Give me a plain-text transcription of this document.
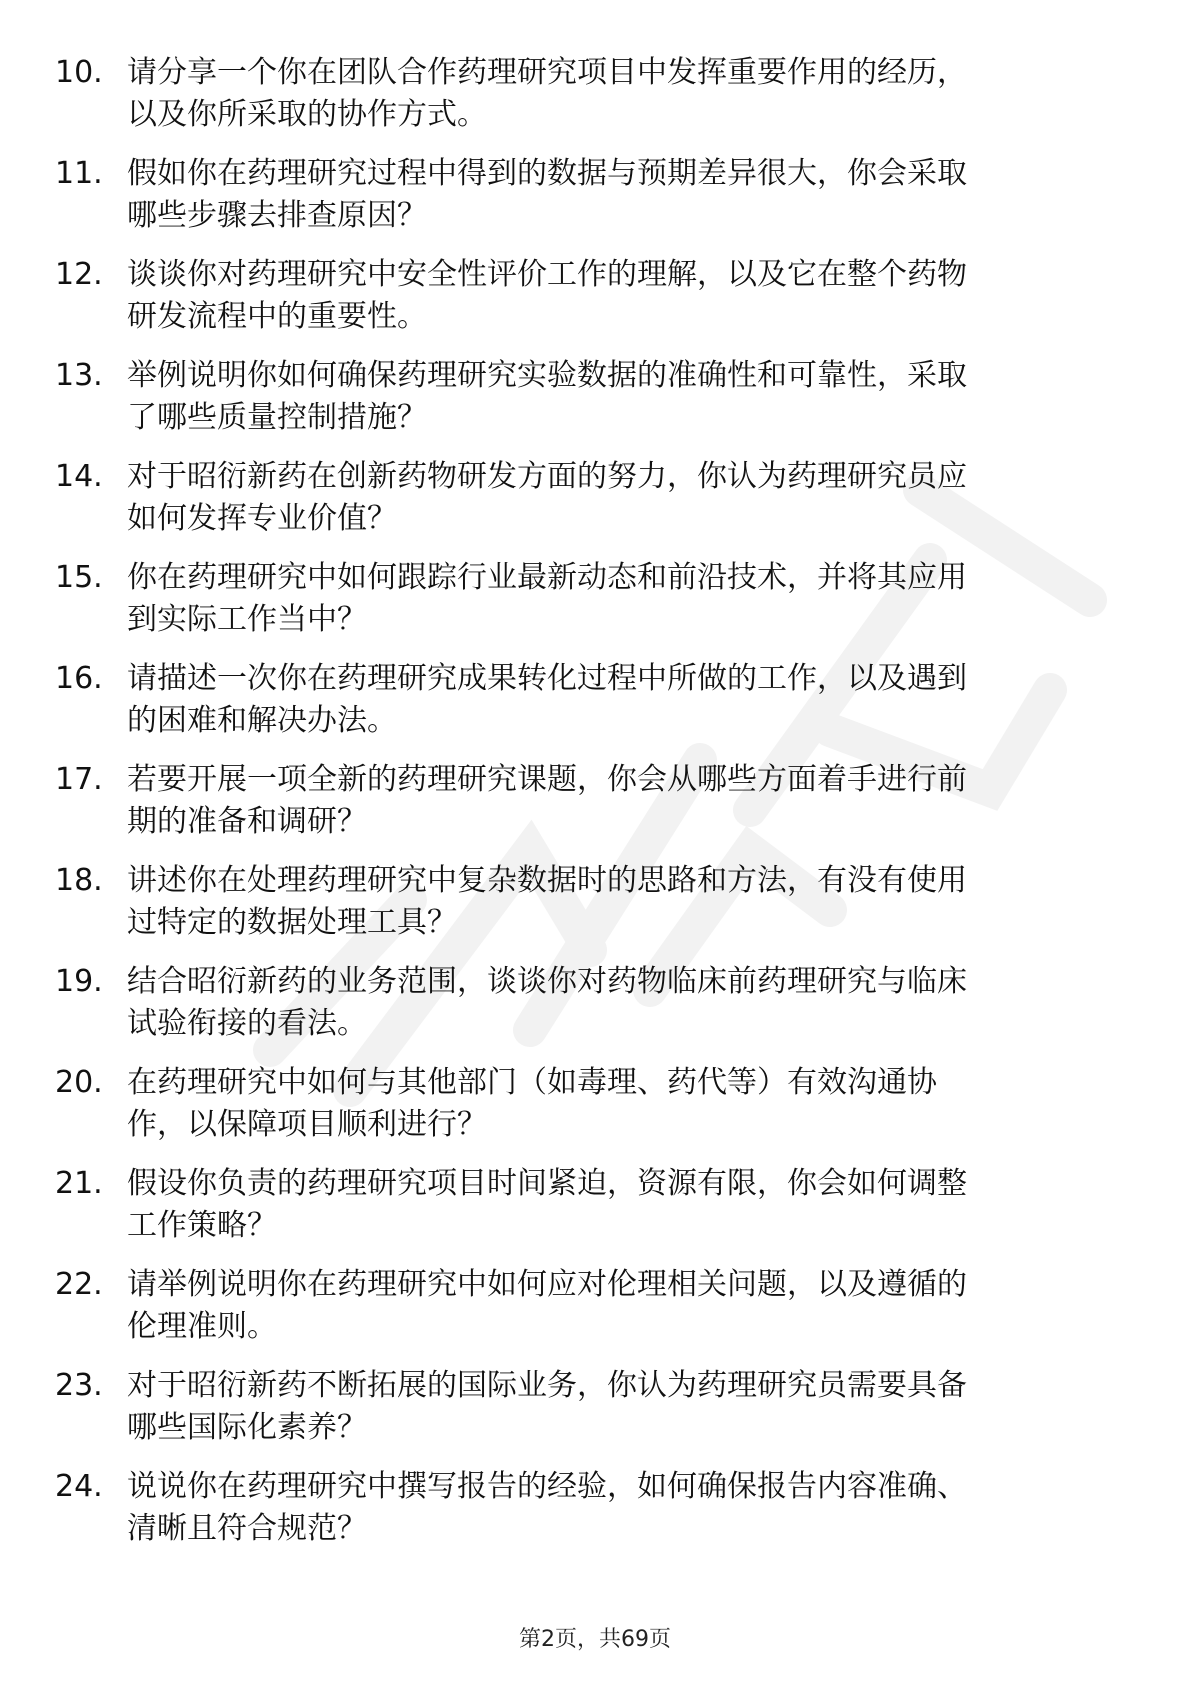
10. 请分享一个你在团队合作药理研究项目中发挥重要作用的经历，
以及你所采取的协作方式。
11. 假如你在药理研究过程中得到的数据与预期差异很大，你会采取
哪些步骤去排查原因？
12. 谈谈你对药理研究中安全性评价工作的理解，以及它在整个药物
研发流程中的重要性。
13. 举例说明你如何确保药理研究实验数据的准确性和可靠性，采取
了哪些质量控制措施？
14. 对于昭衍新药在创新药物研发方面的努力，你认为药理研究员应
如何发挥专业价值？
15. 你在药理研究中如何跟踪行业最新动态和前沿技术，并将其应用
到实际工作当中？
16. 请描述一次你在药理研究成果转化过程中所做的工作，以及遇到
的困难和解决办法。
17. 若要开展一项全新的药理研究课题，你会从哪些方面着手进行前
期的准备和调研？
18. 讲述你在处理药理研究中复杂数据时的思路和方法，有没有使用
过特定的数据处理工具？
19. 结合昭衍新药的业务范围，谈谈你对药物临床前药理研究与临床
试验衔接的看法。
20. 在药理研究中如何与其他部门（如毒理、药代等）有效沟通协
作，以保障项目顺利进行？
21. 假设你负责的药理研究项目时间紧迫，资源有限，你会如何调整
工作策略？
22. 请举例说明你在药理研究中如何应对伦理相关问题，以及遵循的
伦理准则。
23. 对于昭衍新药不断拓展的国际业务，你认为药理研究员需要具备
哪些国际化素养？
24. 说说你在药理研究中撰写报告的经验，如何确保报告内容准确、
清晰且符合规范？
第2页，共69页
